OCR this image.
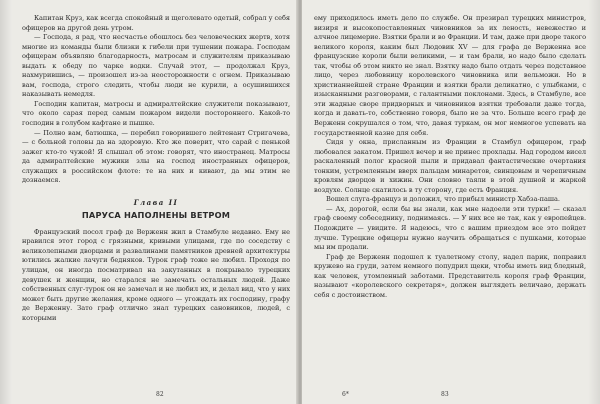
Капитан Круз, как всегда спокойный и щеголевато одетый, собрал у себя офицеров на другой день утром.

— Господа, я рад, что несчастье обошлось без человеческих жертв, хотя многие из команды были близки к гибели при тушении пожара. Господам офицерам объявляю благодарность, матросам и служителям приказываю выдать к обеду по чарке водки. Случай этот, — продолжал Круз, нахмурившись, — произошел из-за неосторожности с огнем. Приказываю вам, господа, строго следить, чтобы люди не курили, а осушившихся наказывать немедля.

Господин капитан, матросы и адмиралтейские служители показывают, что около сарая перед самым пожаром видели постороннего. Какой-то господин в голубом кафтане и пышке.

— Полно вам, батюшка, — перебил говорившего лейтенант Стригачева, — с больной головы да на здоровую. Кто же поверит, что сарай с пенькой зажег кто-то чужой! Я слышал об этом: говорят, что иностранец. Матросы да адмиралтейские мужики злы на господ иностранных офицеров, служащих в российском флоте: те на них и кивают, да мы этим не дознаемся.

Глава II
ПАРУСА НАПОЛНЕНЫ ВЕТРОМ

Французский посол граф де Верженн жил в Стамбуле недавно. Ему не нравился этот город с грязными, кривыми улицами, где по соседству с великолепными дворцами и развалинами памятников древней архитектуры ютились жалкие лачуги бедняков. Турок граф тоже не любил. Проходя по улицам, он иногда посматривал на закутанных в покрывало турецких девушек и женщин, но старался не замечать остальных людей. Даже собственных слуг-турок он не замечал и не любил их, и делал вид, что у них может быть другие желания, кроме одного — угождать их господину, графу де Верженну. Зато граф отлично знал турецких сановников, людей, с которыми

82

ему приходилось иметь дело по службе. Он презирал турецких министров, визиря и высокопоставленных чиновников за их леность, невежество и алчное лицемерие. Взятки брали и во Франции. И там, даже при дворе такого великого короля, каким был Людовик XV — для графа де Верженна все французские короли были великими, — и там брали, но надо было сделать так, чтобы об этом никто не знал. Взятку надо было отдать через подставное лицо, через любовницу королевского чиновника или вельможи. Но в христианнейшей стране Франции и взятки брали деликатно, с улыбками, с изысканными разговорами, с галантными поклонами. Здесь, в Стамбуле, все эти жадные своре придворных и чиновников взятки требовали даже тогда, когда и давать-то, собственно говоря, было не за что. Больше всего граф де Верженн сокрушался о том, что, давая туркам, он мог немногое успевать на государственной казне для себя.

Сидя у окна, присланным из Франции в Стамбул офицером, граф любовался закатом. Пришел вечер и не принес прохлады. Над городом висел раскаленный полог красной пыли и придавал фантастические очертания тонким, устремленным вверх пальцам минаретов, свинцовым и черепичным кровлям дворцов и хижин. Они словно таяли в этой душной и жаркой воздухе. Солнце скатилось в ту сторону, где есть Франция.

Вошел слуга-француз и доложил, что прибыл министр Хабза-паша.

— Ах, дорогой, если бы вы знали, как мне надоели эти турки! — сказал граф своему собеседнику, поднимаясь. — У них все не так, как у европейцев. Подождите — увидите. Я надеюсь, что с вашим приездом все это пойдет лучше. Турецкие офицеры нужно научить обращаться с пушками, которые мы им продали.

Граф де Верженн подошел к туалетному столу, надел парик, поправил кружево на груди, затем немного попудрил щеки, чтобы иметь вид бледный, как человек, утомленный заботами. Представитель короля граф Франции, называют «королевского секретаря», должен выглядеть величаво, держать себя с достоинством.

6*	83
